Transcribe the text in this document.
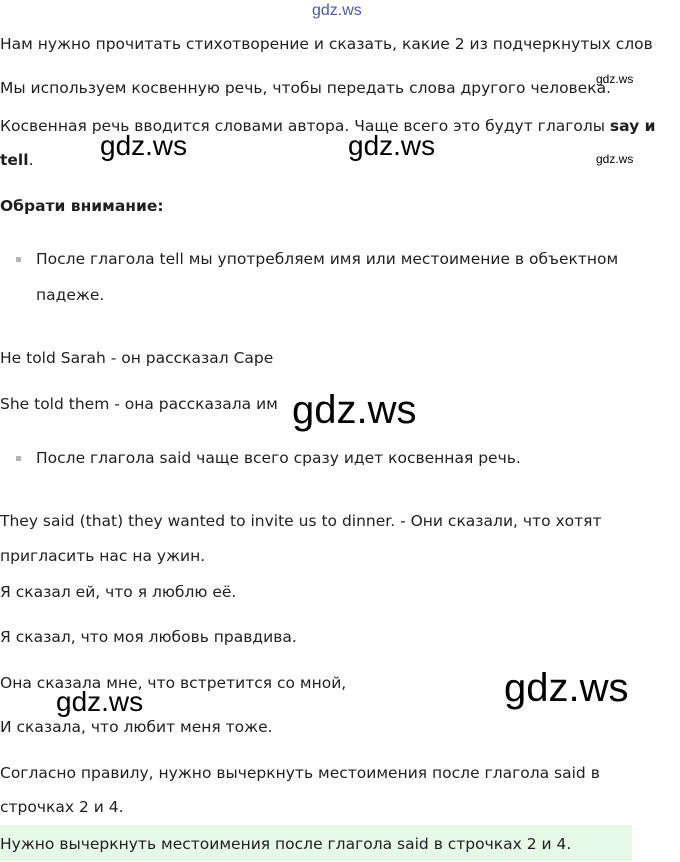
gdz.ws
Нам нужно прочитать стихотворение и сказать, какие 2 из подчеркнутых слов
Мы используем косвенную речь, чтобы передать слова другого человека.
gdz.ws
Косвенная речь вводится словами автора. Чаще всего это будут глаголы say и
tell. gdz.ws	gdz.ws	gdz.ws
Обрати внимание:
После глагола tell мы употребляем имя или местоимение в объектном
падеже.
He told Sarah - он рассказал Саре
She told them - она рассказала им gdz.ws
После глагола said чаще всего сразу идет косвенная речь.
They said (that) they wanted to invite us to dinner. - Они сказали, что хотят
пригласить нас на ужин.
Я сказал ей, что я люблю её.
Я сказал, что моя любовь правдива.
Она сказала мне, что встретится со мной,
gdz.ws	gdz.ws
И сказала, что любит меня тоже.
Согласно правилу, нужно вычеркнуть местоимения после глагола said в
строчках 2 и 4.
Нужно вычеркнуть местоимения после глагола said в строчках 2 и 4.
